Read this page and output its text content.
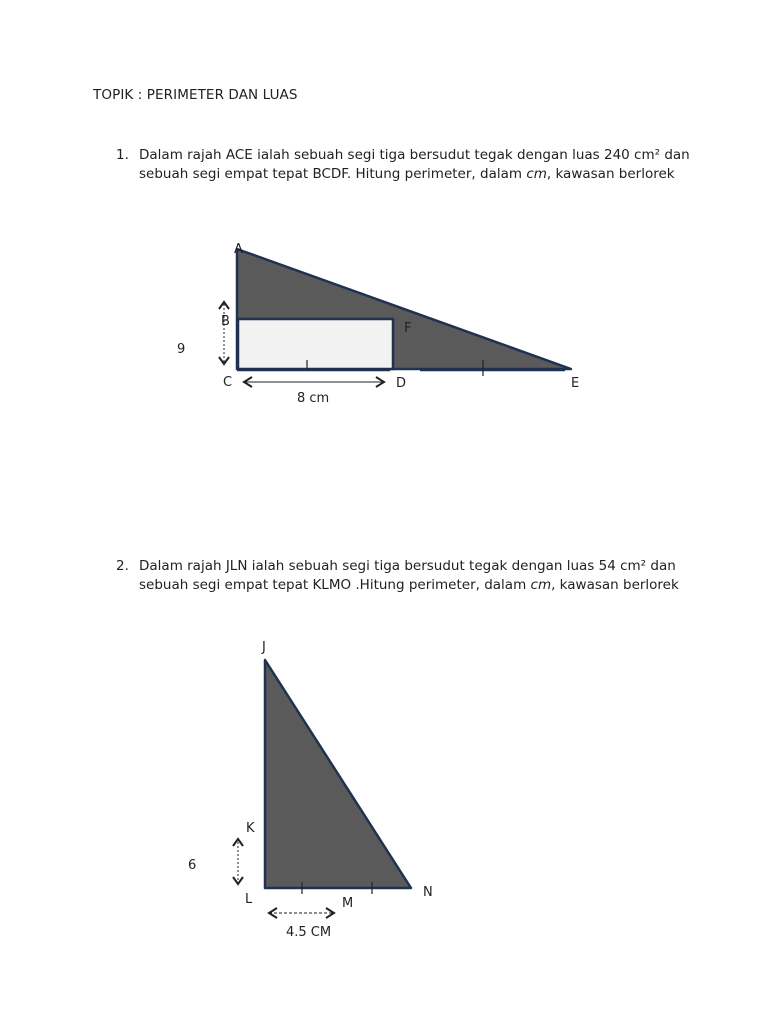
TOPIK : PERIMETER DAN LUAS
1. Dalam rajah ACE ialah sebuah segi tiga bersudut tegak dengan luas 240 cm² dan sebuah segi empat tepat BCDF. Hitung perimeter, dalam cm, kawasan berlorek
A
B	F
C	D	E
9
8 cm
2. Dalam rajah JLN ialah sebuah segi tiga bersudut tegak dengan luas 54 cm² dan sebuah segi empat tepat KLMO .Hitung perimeter, dalam cm, kawasan berlorek
J
K
L	M
N
6
4.5 CM
